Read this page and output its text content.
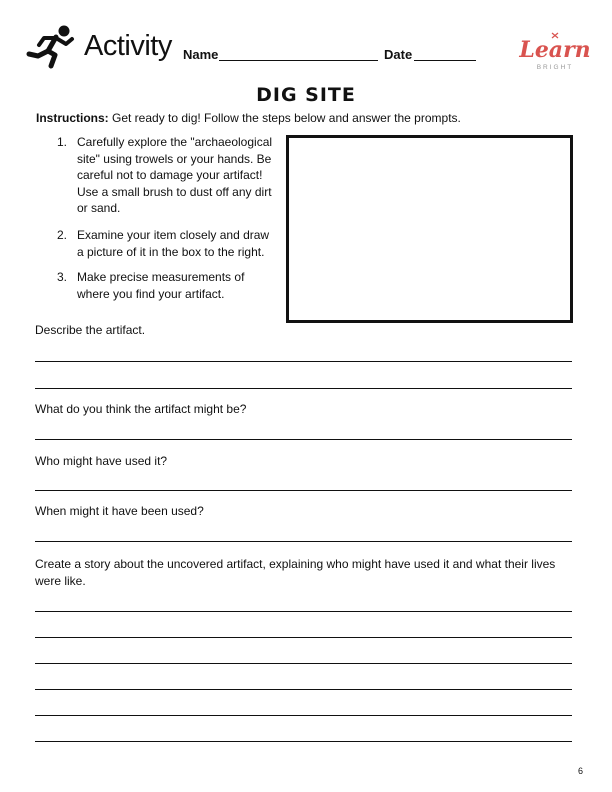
Activity Name	Date	Learn
BRIGHT
DIG SITE
Instructions: Get ready to dig! Follow the steps below and answer the prompts.
1. Carefully explore the "archaeological site" using trowels or your hands. Be careful not to damage your artifact! Use a small brush to dust off any dirt or sand.
2. Examine your item closely and draw a picture of it in the box to the right.
3. Make precise measurements of where you find your artifact.
Describe the artifact.
What do you think the artifact might be?
Who might have used it?
When might it have been used?
Create a story about the uncovered artifact, explaining who might have used it and what their lives were like.
6
